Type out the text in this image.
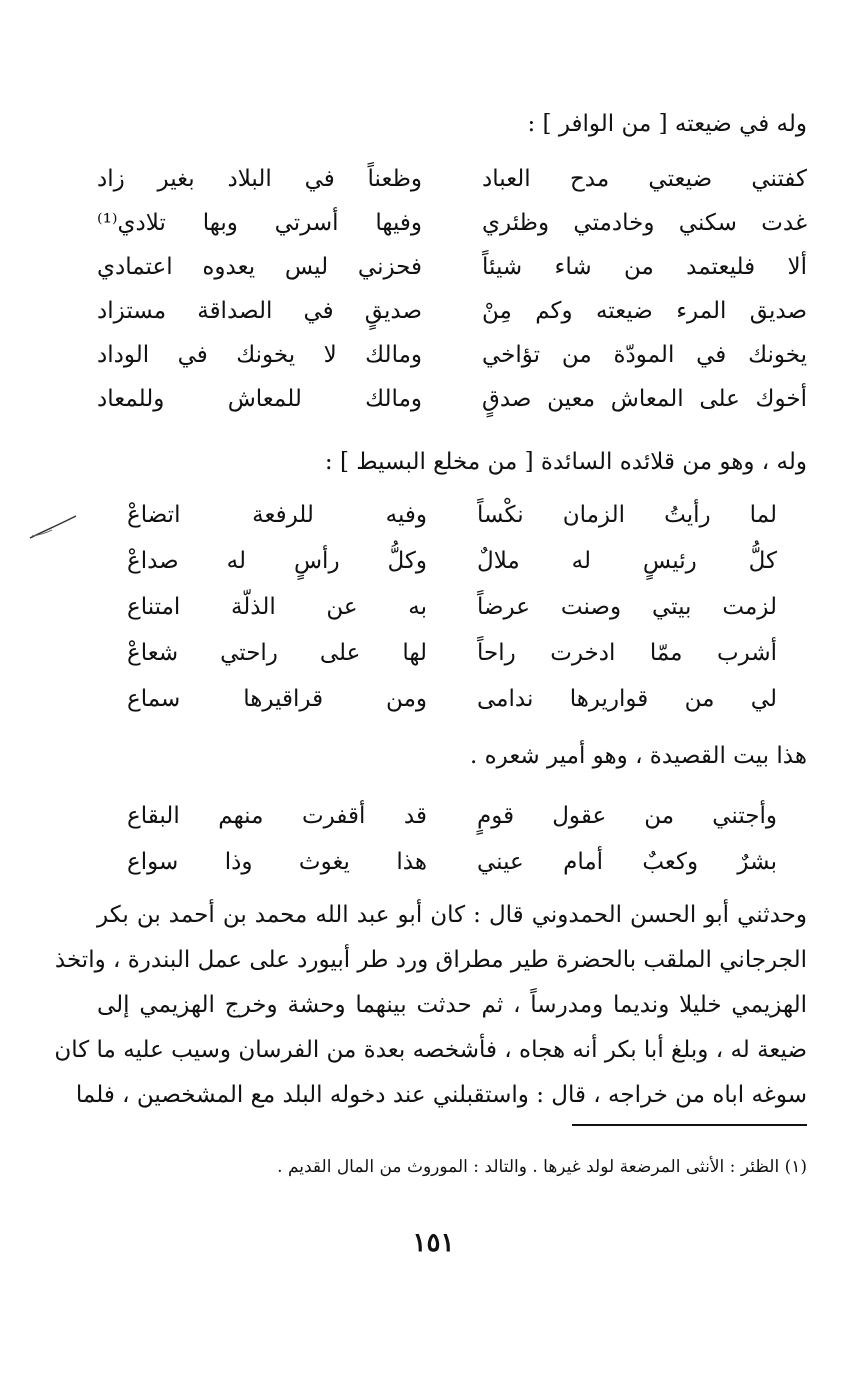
وله في ضيعته [ من الوافر ] :
كفتني ضيعتي مدح العباد
وظعناً في البلاد بغير زاد
غدت سكني وخادمتي وظئري
وفيها أسرتي وبها تلادي⁽¹⁾
ألا فليعتمد من شاء شيئاً
فحزني ليس يعدوه اعتمادي
صديق المرء ضيعته وكم مِنْ
صديقٍ في الصداقة مستزاد
يخونك في المودّة من تؤاخي
ومالك لا يخونك في الوداد
أخوك على المعاش معين صدقٍ
ومالك للمعاش وللمعاد
وله ، وهو من قلائده السائدة [ من مخلع البسيط ] :
لما رأيتُ الزمان نكْساً
وفيه للرفعة اتضاعْ
كلُّ رئيسٍ له ملالٌ
وكلُّ رأسٍ له صداعْ
لزمت بيتي وصنت عرضاً
به عن الذلّة امتناع
أشرب ممّا ادخرت راحاً
لها على راحتي شعاعْ
لي من قواريرها ندامى
ومن قراقيرها سماع
هذا بيت القصيدة ، وهو أمير شعره .
وأجتني من عقول قومٍ
قد أقفرت منهم البقاع
بشرٌ وكعبٌ أمام عيني
هذا يغوث وذا سواع
وحدثني أبو الحسن الحمدوني قال : كان أبو عبد الله محمد بن أحمد بن بكر
الجرجاني الملقب بالحضرة طير مطراق ورد طر أبيورد على عمل البندرة ، واتخذ
الهزيمي خليلا ونديما ومدرساً ، ثم حدثت بينهما وحشة وخرج الهزيمي إلى
ضيعة له ، وبلغ أبا بكر أنه هجاه ، فأشخصه بعدة من الفرسان وسيب عليه ما كان
سوغه اباه من خراجه ، قال : واستقبلني عند دخوله البلد مع المشخصين ، فلما
(١) الظئر : الأنثى المرضعة لولد غيرها . والتالد : الموروث من المال القديم .
١٥١
